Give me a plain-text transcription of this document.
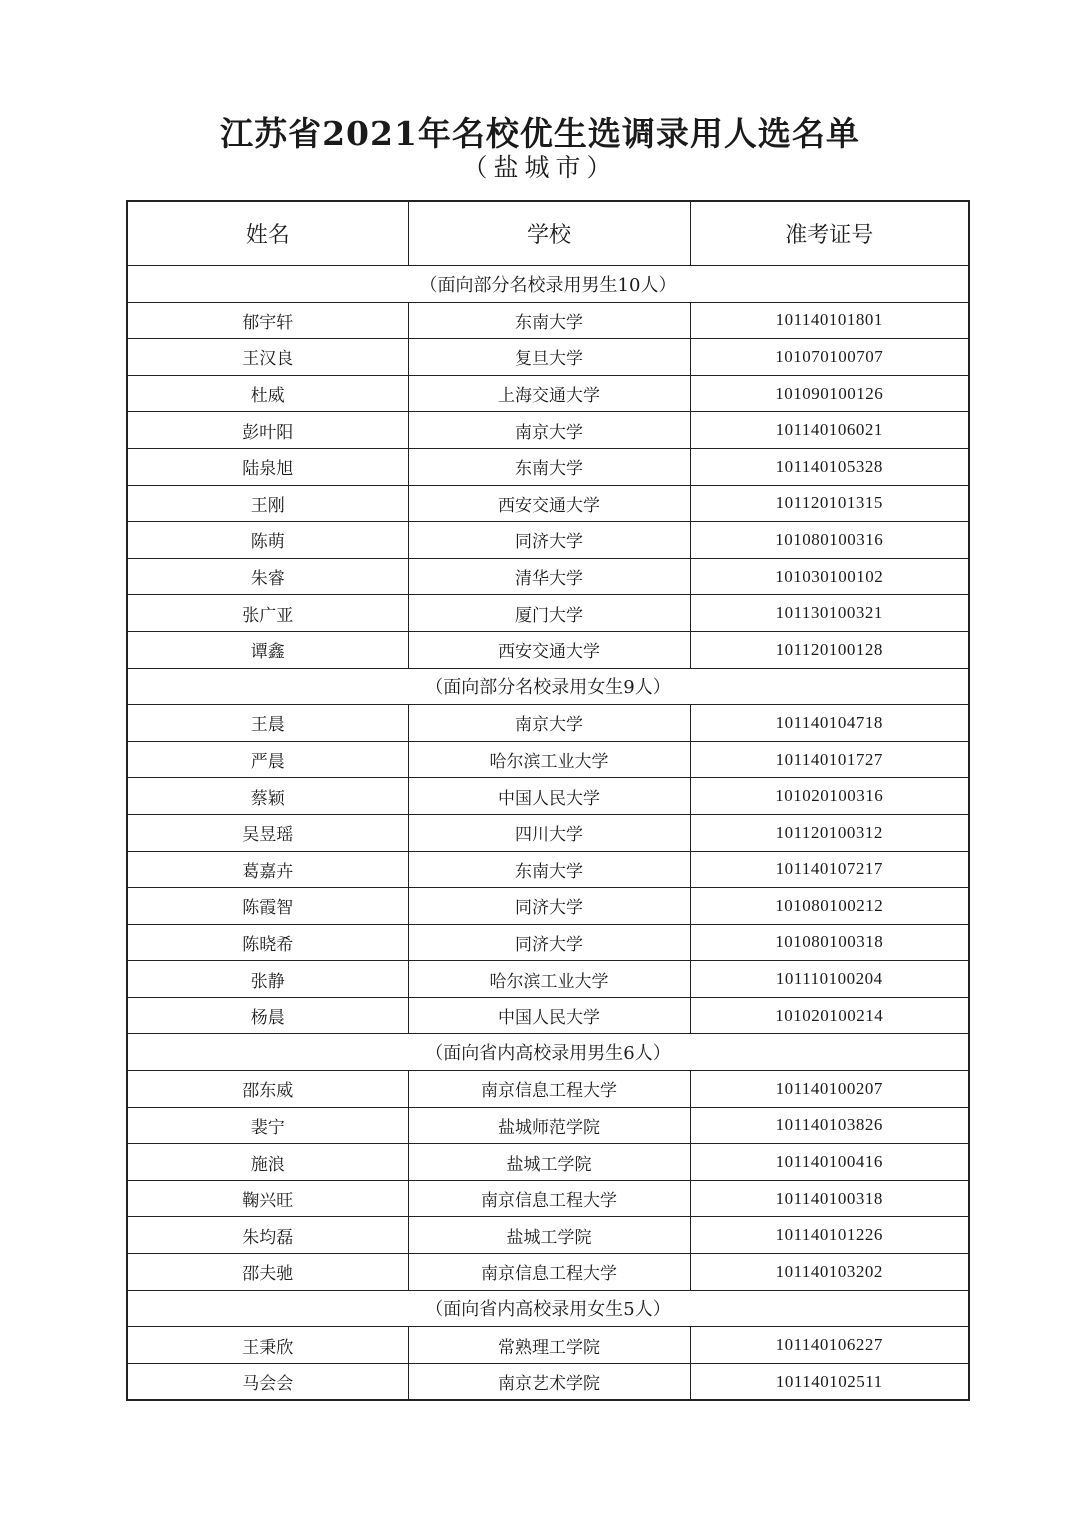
江苏省2021年名校优生选调录用人选名单
（盐城市）
姓名	学校	准考证号
（面向部分名校录用男生10人）		
郁宇轩	东南大学	101140101801
王汉良	复旦大学	101070100707
杜威	上海交通大学	101090100126
彭叶阳	南京大学	101140106021
陆泉旭	东南大学	101140105328
王刚	西安交通大学	101120101315
陈萌	同济大学	101080100316
朱睿	清华大学	101030100102
张广亚	厦门大学	101130100321
谭鑫	西安交通大学	101120100128
（面向部分名校录用女生9人）		
王晨	南京大学	101140104718
严晨	哈尔滨工业大学	101140101727
蔡颖	中国人民大学	101020100316
吴昱瑶	四川大学	101120100312
葛嘉卉	东南大学	101140107217
陈霞智	同济大学	101080100212
陈晓希	同济大学	101080100318
张静	哈尔滨工业大学	101110100204
杨晨	中国人民大学	101020100214
（面向省内高校录用男生6人）		
邵东威	南京信息工程大学	101140100207
裴宁	盐城师范学院	101140103826
施浪	盐城工学院	101140100416
鞠兴旺	南京信息工程大学	101140100318
朱均磊	盐城工学院	101140101226
邵夫驰	南京信息工程大学	101140103202
（面向省内高校录用女生5人）		
王秉欣	常熟理工学院	101140106227
马会会	南京艺术学院	101140102511
